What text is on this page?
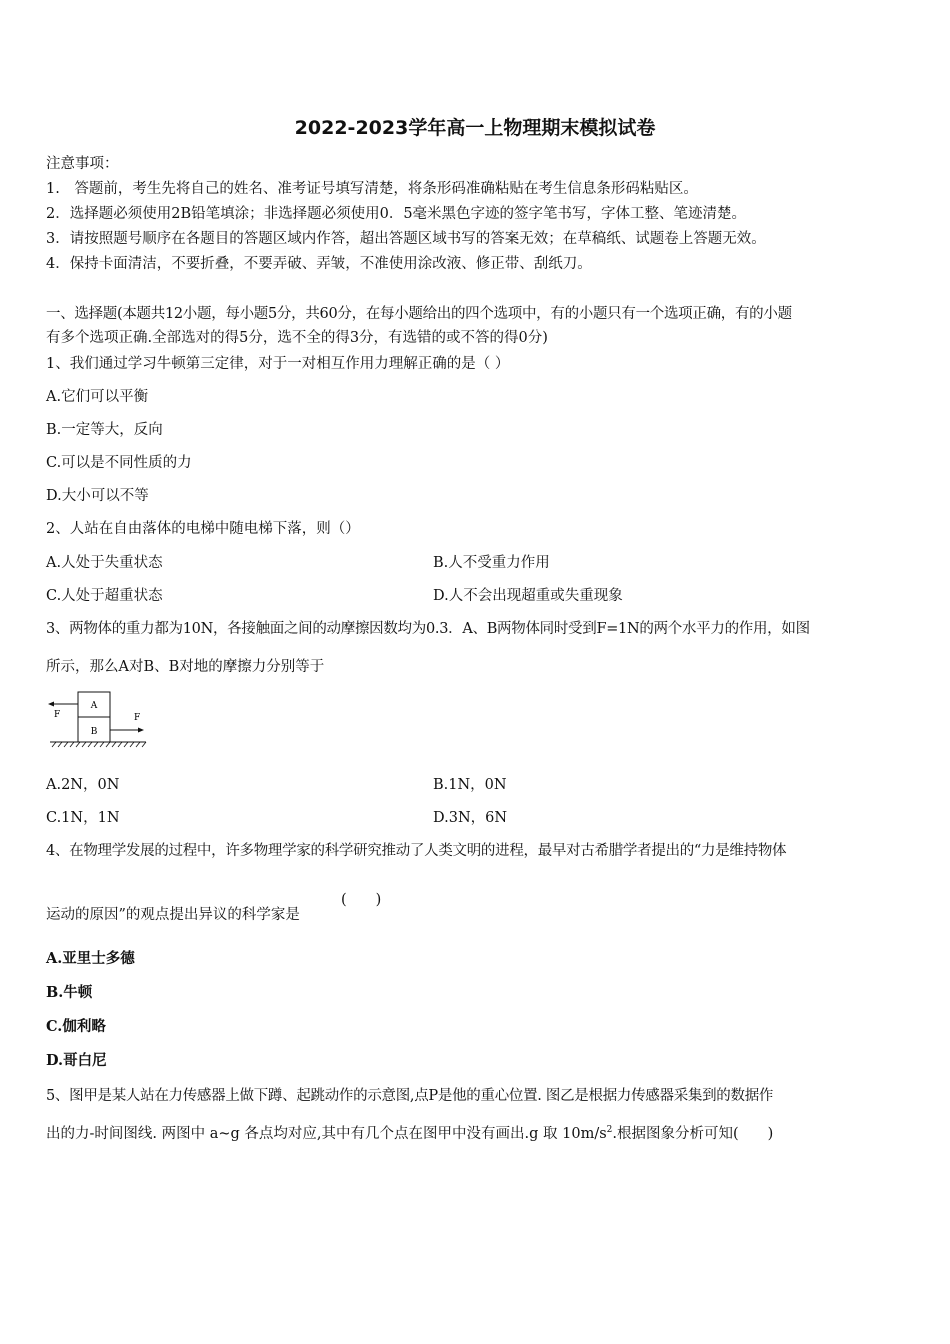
2022-2023学年高一上物理期末模拟试卷
注意事项：
1.　答题前，考生先将自己的姓名、准考证号填写清楚，将条形码准确粘贴在考生信息条形码粘贴区。
2．选择题必须使用2B铅笔填涂；非选择题必须使用0．5毫米黑色字迹的签字笔书写，字体工整、笔迹清楚。
3．请按照题号顺序在各题目的答题区域内作答，超出答题区域书写的答案无效；在草稿纸、试题卷上答题无效。
4．保持卡面清洁，不要折叠，不要弄破、弄皱，不准使用涂改液、修正带、刮纸刀。
一、选择题(本题共12小题，每小题5分，共60分，在每小题给出的四个选项中，有的小题只有一个选项正确，有的小题
有多个选项正确.全部选对的得5分，选不全的得3分，有选错的或不答的得0分)
1、我们通过学习牛顿第三定律，对于一对相互作用力理解正确的是（ ）
A.它们可以平衡
B.一定等大，反向
C.可以是不同性质的力
D.大小可以不等
2、人站在自由落体的电梯中随电梯下落，则（）
A.人处于失重状态	B.人不受重力作用
C.人处于超重状态	D.人不会出现超重或失重现象
3、两物体的重力都为10N，各接触面之间的动摩擦因数均为0.3．A、B两物体同时受到F=1N的两个水平力的作用，如图
所示，那么A对B、B对地的摩擦力分别等于
A
B
F	F
A.2N，0N	B.1N，0N
C.1N，1N	D.3N，6N
4、在物理学发展的过程中，许多物理学家的科学研究推动了人类文明的进程，最早对古希腊学者提出的“力是维持物体
运动的原因”的观点提出异议的科学家是
(　　)
A.亚里士多德
B.牛顿
C.伽利略
D.哥白尼
5、图甲是某人站在力传感器上做下蹲、起跳动作的示意图,点P是他的重心位置. 图乙是根据力传感器采集到的数据作
出的力-时间图线. 两图中 a~g 各点均对应,其中有几个点在图甲中没有画出.g 取 $10m/s^2$.根据图象分析可知(　　)
